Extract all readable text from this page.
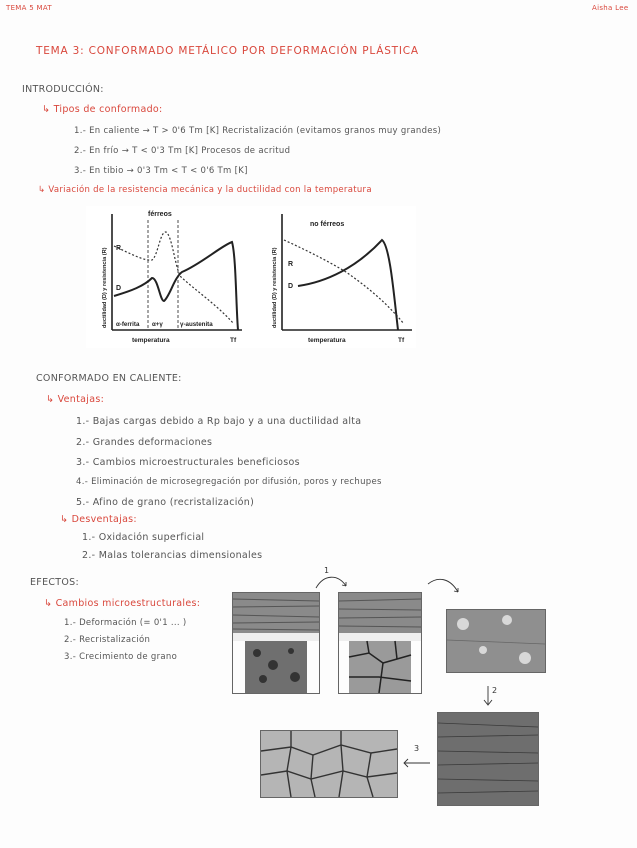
TEMA 5 MAT	Aisha Lee
TEMA 3: CONFORMADO METÁLICO POR DEFORMACIÓN PLÁSTICA
INTRODUCCIÓN:
↳ Tipos de conformado:
1.- En caliente → T > 0'6 Tm [K] Recristalización (evitamos granos muy grandes)
2.- En frío → T < 0'3 Tm [K] Procesos de acritud
3.- En tibio → 0'3 Tm < T < 0'6 Tm [K]
↳ Variación de la resistencia mecánica y la ductilidad con la temperatura
férreos
R
D
α-ferrita α+γ	γ-austenita
temperatura	Tf
ductilidad (D) y resistencia (R)
no férreos
R
D
temperatura	Tf
ductilidad (D) y resistencia (R)
CONFORMADO EN CALIENTE:
↳ Ventajas:
1.- Bajas cargas debido a Rp bajo y a una ductilidad alta
2.- Grandes deformaciones
3.- Cambios microestructurales beneficiosos
4.- Eliminación de microsegregación por difusión, poros y rechupes
5.- Afino de grano (recristalización)
↳ Desventajas:
1.- Oxidación superficial
2.- Malas tolerancias dimensionales
EFECTOS:
↳ Cambios microestructurales:
1.- Deformación (= 0'1 ... )
2.- Recristalización
3.- Crecimiento de grano
1
2
3
